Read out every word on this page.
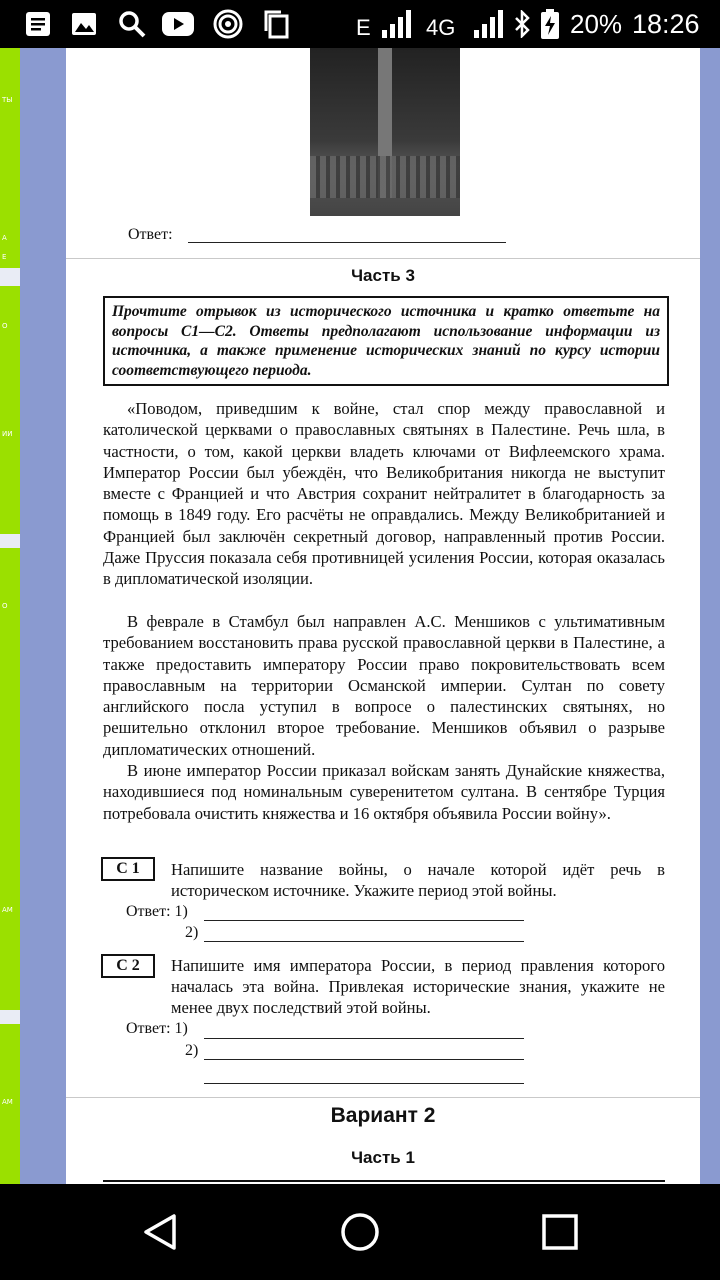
E	4G	20% 18:26
ТЫ
А
Е
О
ИИ
О
АМ
АМ
Ответ:
Часть 3
Прочтите отрывок из исторического источника и кратко ответьте на вопросы С1—С2. Ответы предполагают использование информации из источника, а также применение исторических знаний по курсу истории соответствующего периода.

«Поводом, приведшим к войне, стал спор между православной и католической церквами о православных святынях в Палестине. Речь шла, в частности, о том, какой церкви владеть ключами от Вифлеемского храма. Император России был убеждён, что Великобритания никогда не выступит вместе с Францией и что Австрия сохранит нейтралитет в благодарность за помощь в 1849 году. Его расчёты не оправдались. Между Великобританией и Францией был заключён секретный договор, направленный против России. Даже Пруссия показала себя противницей усиления России, которая оказалась в дипломатической изоляции.

В феврале в Стамбул был направлен А.С. Меншиков с ультимативным требованием восстановить права русской православной церкви в Палестине, а также предоставить императору России право покровительствовать всем православным на территории Османской империи. Султан по совету английского посла уступил в вопросе о палестинских святынях, но решительно отклонил второе требование. Меншиков объявил о разрыве дипломатических отношений.

В июне император России приказал войскам занять Дунайские княжества, находившиеся под номинальным суверенитетом султана. В сентябре Турция потребовала очистить княжества и 16 октября объявила России войну».

С 1	Напишите название войны, о начале которой идёт речь в историческом источнике. Укажите период этой войны.

Ответ: 1)
2)
С 2	Напишите имя императора России, в период правления которого началась эта война. Привлекая исторические знания, укажите не менее двух последствий этой войны.

Ответ: 1)
2)
Вариант 2
Часть 1
